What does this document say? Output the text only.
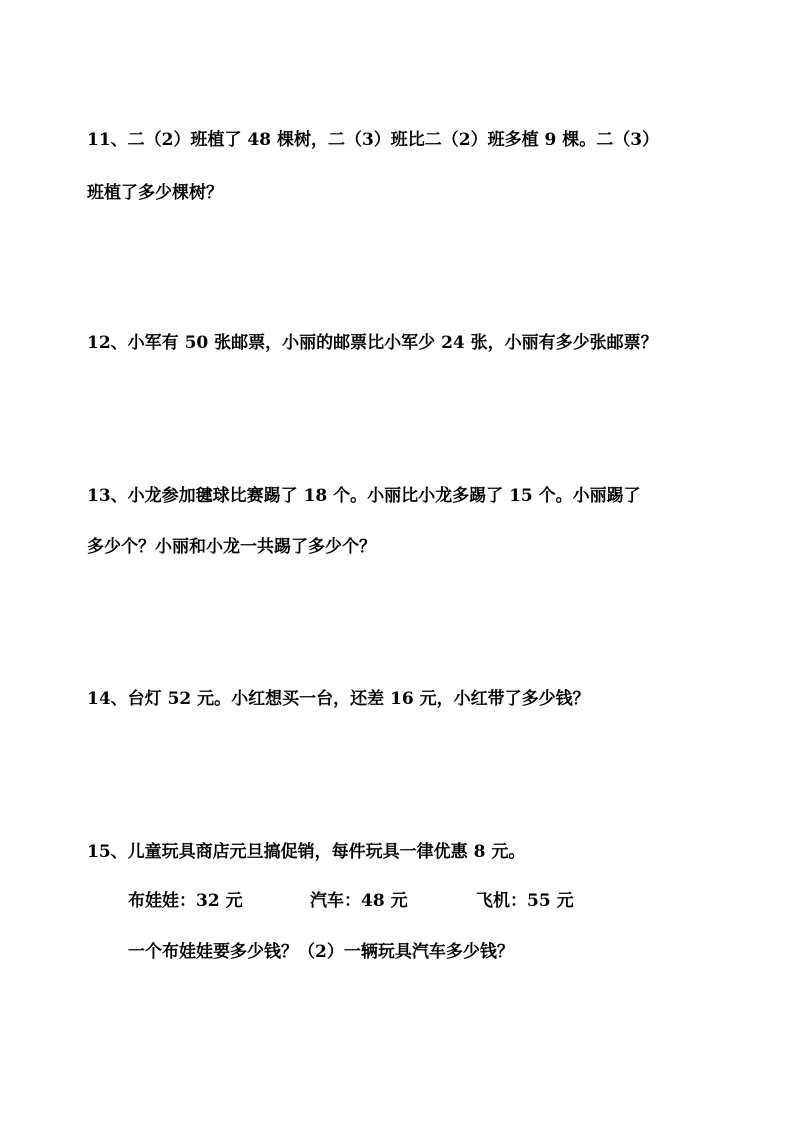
11、二（2）班植了 48 棵树，二（3）班比二（2）班多植 9 棵。二（3）
班植了多少棵树？
12、小军有 50 张邮票，小丽的邮票比小军少 24 张，小丽有多少张邮票？
13、小龙参加毽球比赛踢了 18 个。小丽比小龙多踢了 15 个。小丽踢了
多少个？小丽和小龙一共踢了多少个？
14、台灯 52 元。小红想买一台，还差 16 元，小红带了多少钱？
15、儿童玩具商店元旦搞促销，每件玩具一律优惠 8 元。
布娃娃：32 元	汽车：48 元	飞机：55 元
一个布娃娃要多少钱？（2）一辆玩具汽车多少钱？
